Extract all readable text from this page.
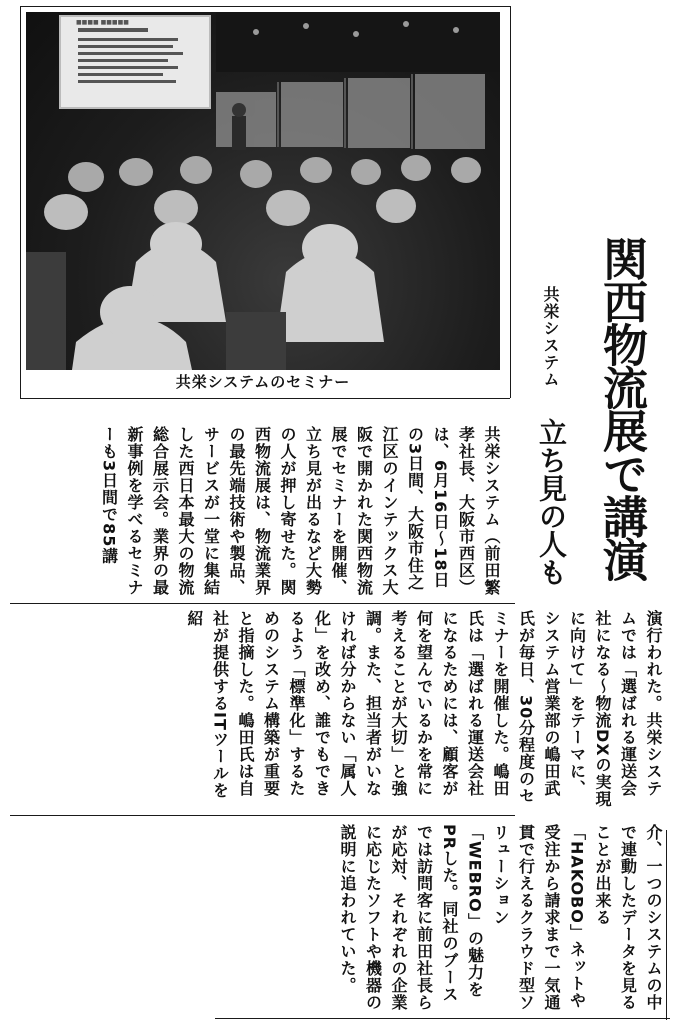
■■■■ ■■■■■
共栄システムのセミナー	関西物流展で講演
立ち見の人も
共栄システム

共栄システム（前田繁孝社長、大阪市西区）は、6月16日～18日の3日間、大阪市住之江区のインテックス大阪で開かれた関西物流展でセミナーを開催、立ち見が出るなど大勢の人が押し寄せた。関西物流展は、物流業界の最先端技術や製品、サービスが一堂に集結した西日本最大の物流総合展示会。業界の最新事例を学べるセミナーも3日間で85講

演行われた。共栄システムでは「選ばれる運送会社になる～物流DXの実現に向けて」をテーマに、システム営業部の嶋田武氏が毎日、30分程度のセミナーを開催した。嶋田氏は「選ばれる運送会社になるためには、顧客が何を望んでいるかを常に考えることが大切」と強調。また、担当者がいなければ分からない「属人化」を改め、誰でもできるよう「標準化」するためのシステム構築が重要と指摘した。嶋田氏は自社が提供するITツールを紹

介、一つのシステムの中で連動したデータを見ることが出来る「HAKOBO」ネットや受注から請求まで一気通貫で行えるクラウド型ソリューション「WEBRO」の魅力をPRした。同社のブースでは訪問客に前田社長らが応対、それぞれの企業に応じたソフトや機器の説明に追われていた。
